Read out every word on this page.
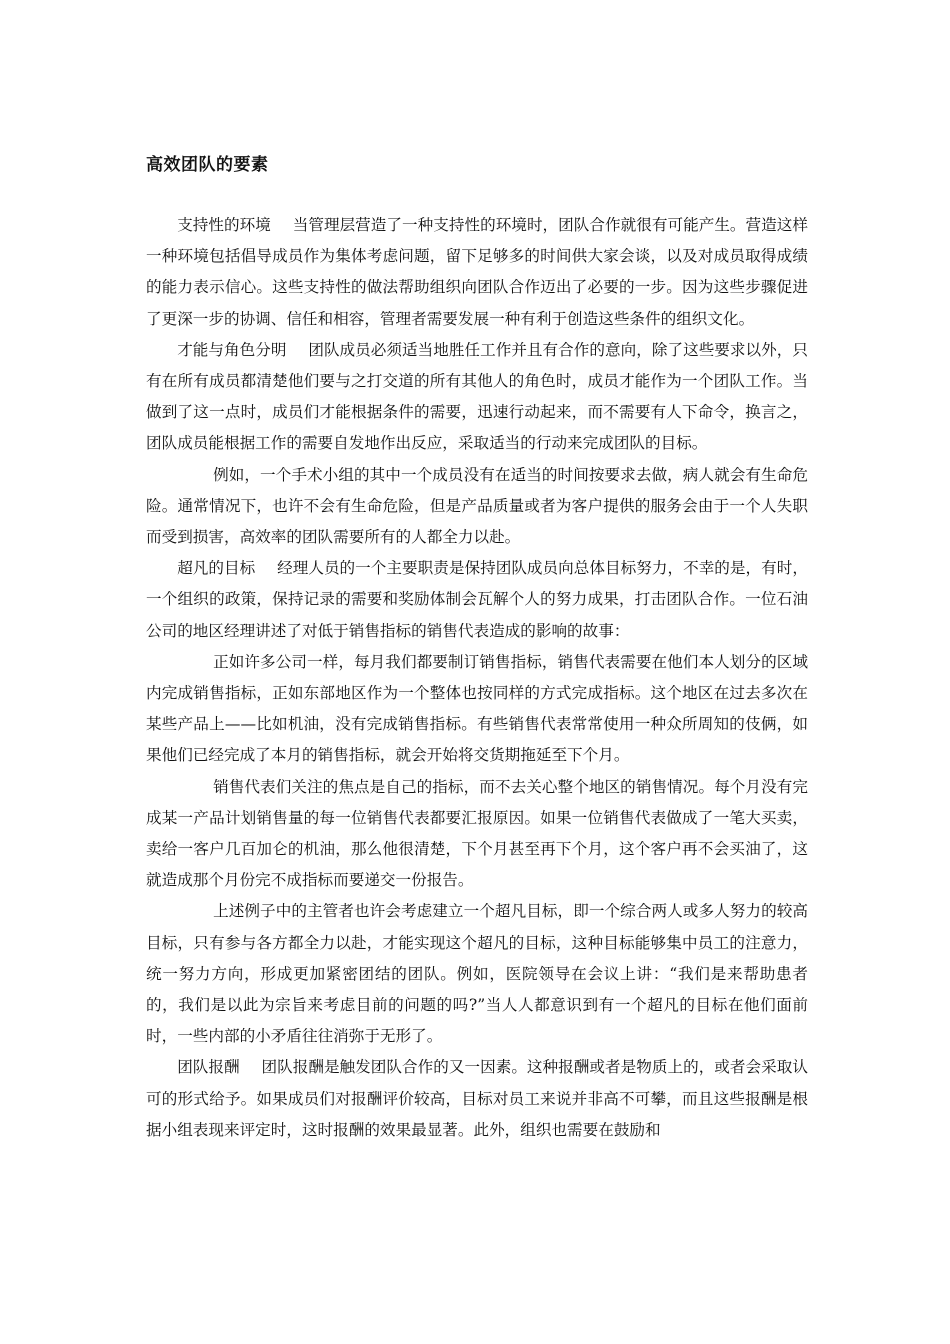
高效团队的要素

支持性的环境 当管理层营造了一种支持性的环境时，团队合作就很有可能产生。营造这样一种环境包括倡导成员作为集体考虑问题，留下足够多的时间供大家会谈，以及对成员取得成绩的能力表示信心。这些支持性的做法帮助组织向团队合作迈出了必要的一步。因为这些步骤促进了更深一步的协调、信任和相容，管理者需要发展一种有利于创造这些条件的组织文化。

才能与角色分明 团队成员必须适当地胜任工作并且有合作的意向，除了这些要求以外，只有在所有成员都清楚他们要与之打交道的所有其他人的角色时，成员才能作为一个团队工作。当做到了这一点时，成员们才能根据条件的需要，迅速行动起来，而不需要有人下命令，换言之，团队成员能根据工作的需要自发地作出反应，采取适当的行动来完成团队的目标。

例如，一个手术小组的其中一个成员没有在适当的时间按要求去做，病人就会有生命危险。通常情况下，也许不会有生命危险，但是产品质量或者为客户提供的服务会由于一个人失职而受到损害，高效率的团队需要所有的人都全力以赴。

超凡的目标 经理人员的一个主要职责是保持团队成员向总体目标努力，不幸的是，有时，一个组织的政策，保持记录的需要和奖励体制会瓦解个人的努力成果，打击团队合作。一位石油公司的地区经理讲述了对低于销售指标的销售代表造成的影响的故事：

正如许多公司一样，每月我们都要制订销售指标，销售代表需要在他们本人划分的区域内完成销售指标，正如东部地区作为一个整体也按同样的方式完成指标。这个地区在过去多次在某些产品上——比如机油，没有完成销售指标。有些销售代表常常使用一种众所周知的伎俩，如果他们已经完成了本月的销售指标，就会开始将交货期拖延至下个月。

销售代表们关注的焦点是自己的指标，而不去关心整个地区的销售情况。每个月没有完成某一产品计划销售量的每一位销售代表都要汇报原因。如果一位销售代表做成了一笔大买卖，卖给一客户几百加仑的机油，那么他很清楚，下个月甚至再下个月，这个客户再不会买油了，这就造成那个月份完不成指标而要递交一份报告。

上述例子中的主管者也许会考虑建立一个超凡目标，即一个综合两人或多人努力的较高目标，只有参与各方都全力以赴，才能实现这个超凡的目标，这种目标能够集中员工的注意力，统一努力方向，形成更加紧密团结的团队。例如，医院领导在会议上讲：“我们是来帮助患者的，我们是以此为宗旨来考虑目前的问题的吗?”当人人都意识到有一个超凡的目标在他们面前时，一些内部的小矛盾往往消弥于无形了。

团队报酬 团队报酬是触发团队合作的又一因素。这种报酬或者是物质上的，或者会采取认可的形式给予。如果成员们对报酬评价较高，目标对员工来说并非高不可攀，而且这些报酬是根据小组表现来评定时，这时报酬的效果最显著。此外，组织也需要在鼓励和
